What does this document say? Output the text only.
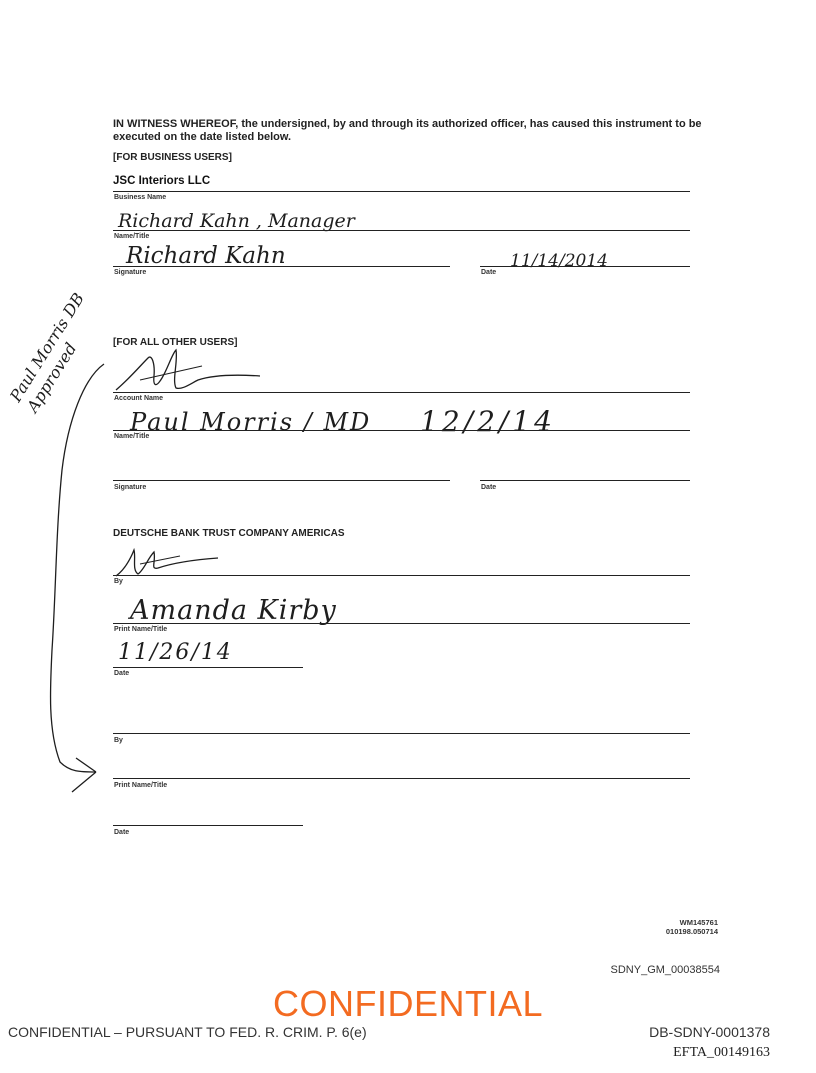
IN WITNESS WHEREOF, the undersigned, by and through its authorized officer, has caused this instrument to be executed on the date listed below.
[FOR BUSINESS USERS]
JSC Interiors LLC
Business Name
Richard Kahn , Manager
Name/Title
Richard Kahn	11/14/2014
Signature	Date
[FOR ALL OTHER USERS]
Account Name
Paul Morris / MD 12/2/14
Name/Title
Signature	Date
DEUTSCHE BANK TRUST COMPANY AMERICAS
By
Amanda Kirby
Print Name/Title
11/26/14
Date
By
Print Name/Title
Date
Paul Morris DB Approved
WM145761
010198.050714
SDNY_GM_00038554
CONFIDENTIAL
CONFIDENTIAL – PURSUANT TO FED. R. CRIM. P. 6(e)	DB-SDNY-0001378
EFTA_00149163
